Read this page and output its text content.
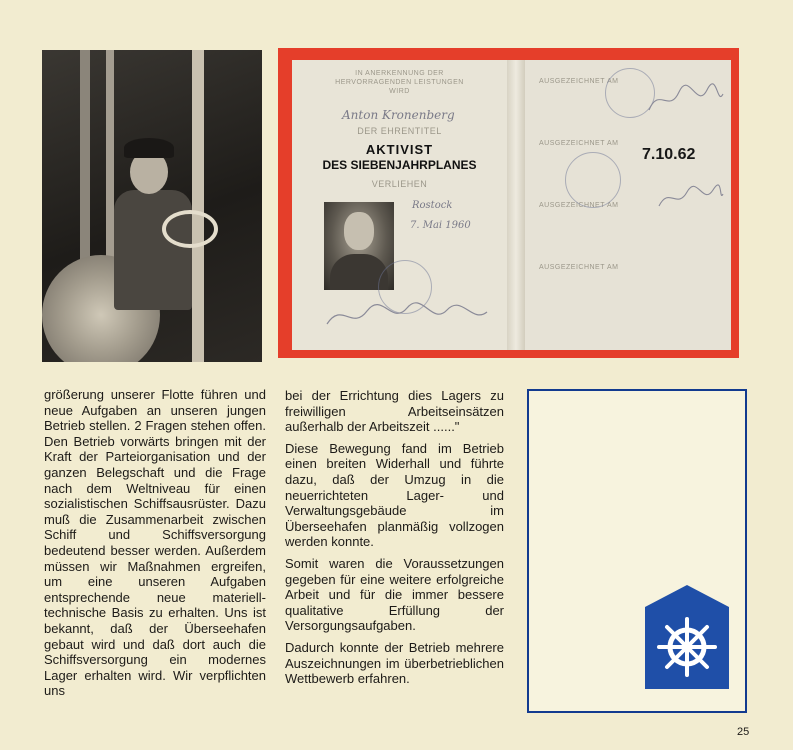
IN ANERKENNUNG DER
HERVORRAGENDEN LEISTUNGEN
WIRD
Anton Kronenberg
DER EHRENTITEL
AKTIVIST
DES SIEBENJAHRPLANES
VERLIEHEN
Rostock
7. Mai 1960
AUSGEZEICHNET AM
AUSGEZEICHNET AM
AUSGEZEICHNET AM
AUSGEZEICHNET AM
7.10.62

größerung unserer Flotte führen und neue Aufgaben an unseren jungen Betrieb stellen. 2 Fragen stehen offen. Den Betrieb vorwärts bringen mit der Kraft der Parteiorganisation und der ganzen Belegschaft und die Frage nach dem Weltniveau für einen sozialistischen Schiffsausrüster. Dazu muß die Zusammenarbeit zwischen Schiff und Schiffsversorgung bedeutend besser werden. Außerdem müssen wir Maßnahmen ergreifen, um eine unseren Aufgaben entsprechende neue materiell-technische Basis zu erhalten. Uns ist bekannt, daß der Überseehafen gebaut wird und daß dort auch die Schiffsversorgung ein modernes Lager erhalten wird. Wir verpflichten uns

bei der Errichtung dies Lagers zu freiwilligen Arbeitseinsätzen außerhalb der Arbeitszeit ......"

Diese Bewegung fand im Betrieb einen breiten Widerhall und führte dazu, daß der Umzug in die neuerrichteten Lager- und Verwaltungsgebäude im Überseehafen planmäßig vollzogen werden konnte.

Somit waren die Voraussetzungen gegeben für eine weitere erfolgreiche Arbeit und für die immer bessere qualitative Erfüllung der Versorgungsaufgaben.

Dadurch konnte der Betrieb mehrere Auszeichnungen im überbetrieblichen Wettbewerb erfahren.

25
